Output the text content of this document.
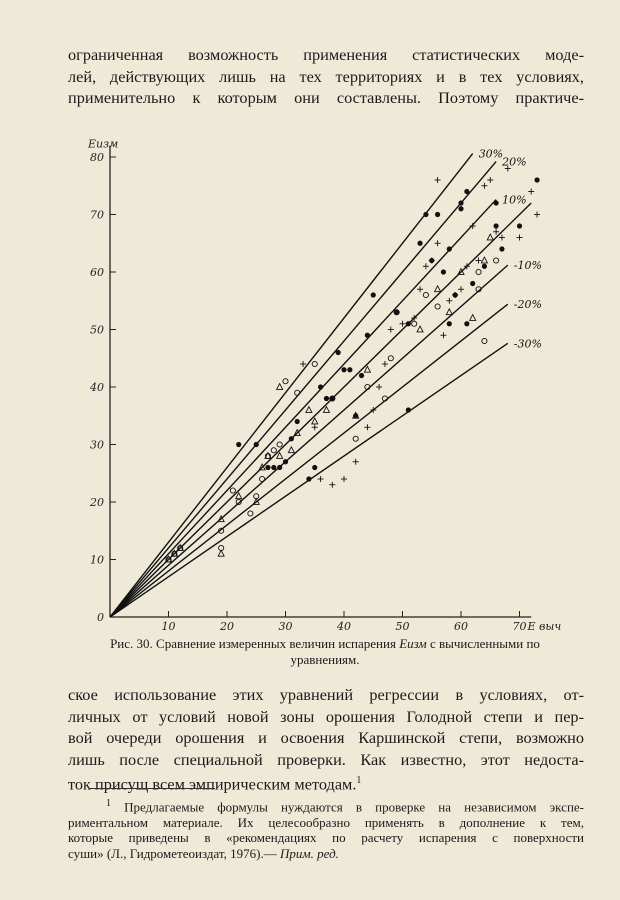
ограниченная возможность применения статистических моде-
лей, действующих лишь на тех территориях и в тех условиях,
применительно к которым они составлены. Поэтому практиче-

10
20
30
40
50
60
70
80
10	20	30	40	50	60	70
0
Eизм
E выч
30%
20%
10%
-10%
-20%
-30%
Рис. 30. Сравнение измеренных величин испарения Eизм с вычисленными по уравнениям.

ское использование этих уравнений регрессии в условиях, от-
личных от условий новой зоны орошения Голодной степи и пер-
вой очереди орошения и освоения Каршинской степи, возможно
лишь после специальной проверки. Как известно, этот недоста-
ток присущ всем эмпирическим методам.$^1$

$^1$ Предлагаемые формулы нуждаются в проверке на независимом экспе-
риментальном материале. Их целесообразно применять в дополнение к тем,
которые приведены в «рекомендациях по расчету испарения с поверхности
суши» (Л., Гидрометеоиздат, 1976).— Прим. ред.
